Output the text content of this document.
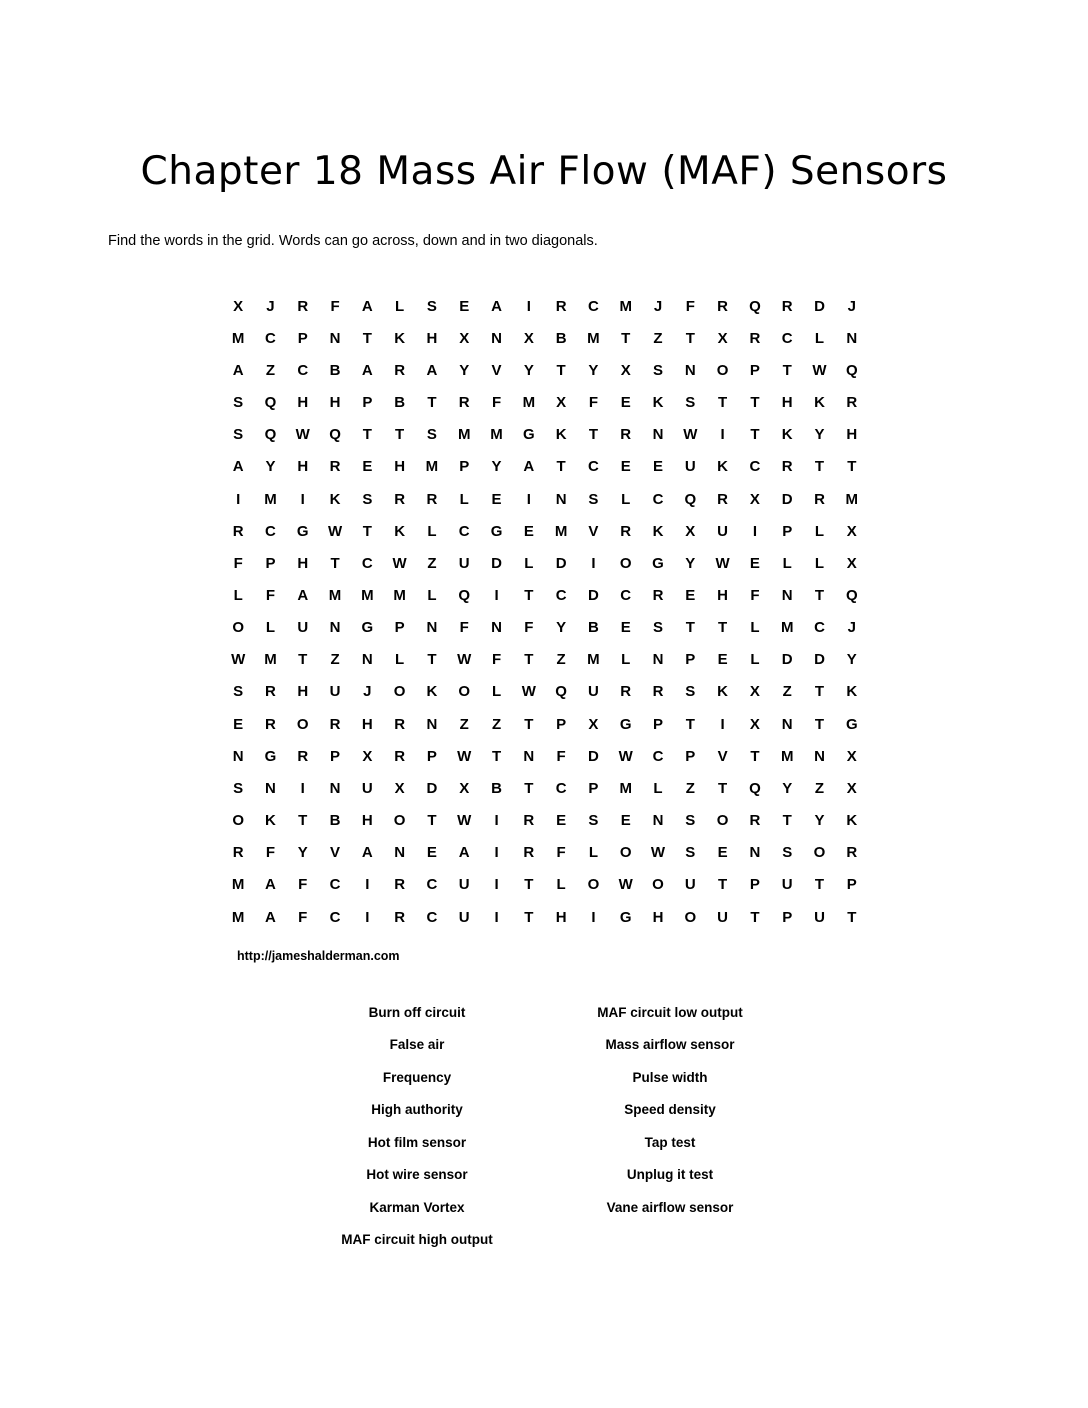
Chapter 18 Mass Air Flow (MAF) Sensors

Find the words in the grid. Words can go across, down and in two diagonals.

X	J	R	F	A	L	S	E	A	I	R	C	M	J	F	R	Q	R	D	J
M	C	P	N	T	K	H	X	N	X	B	M	T	Z	T	X	R	C	L	N
A	Z	C	B	A	R	A	Y	V	Y	T	Y	X	S	N	O	P	T	W	Q
S	Q	H	H	P	B	T	R	F	M	X	F	E	K	S	T	T	H	K	R
S	Q	W	Q	T	T	S	M	M	G	K	T	R	N	W	I	T	K	Y	H
A	Y	H	R	E	H	M	P	Y	A	T	C	E	E	U	K	C	R	T	T
I	M	I	K	S	R	R	L	E	I	N	S	L	C	Q	R	X	D	R	M
R	C	G	W	T	K	L	C	G	E	M	V	R	K	X	U	I	P	L	X
F	P	H	T	C	W	Z	U	D	L	D	I	O	G	Y	W	E	L	L	X
L	F	A	M	M	M	L	Q	I	T	C	D	C	R	E	H	F	N	T	Q
O	L	U	N	G	P	N	F	N	F	Y	B	E	S	T	T	L	M	C	J
W	M	T	Z	N	L	T	W	F	T	Z	M	L	N	P	E	L	D	D	Y
S	R	H	U	J	O	K	O	L	W	Q	U	R	R	S	K	X	Z	T	K
E	R	O	R	H	R	N	Z	Z	T	P	X	G	P	T	I	X	N	T	G
N	G	R	P	X	R	P	W	T	N	F	D	W	C	P	V	T	M	N	X
S	N	I	N	U	X	D	X	B	T	C	P	M	L	Z	T	Q	Y	Z	X
O	K	T	B	H	O	T	W	I	R	E	S	E	N	S	O	R	T	Y	K
R	F	Y	V	A	N	E	A	I	R	F	L	O	W	S	E	N	S	O	R
M	A	F	C	I	R	C	U	I	T	L	O	W	O	U	T	P	U	T	P
M	A	F	C	I	R	C	U	I	T	H	I	G	H	O	U	T	P	U	T
http://jameshalderman.com
Burn off circuit
False air
Frequency
High authority
Hot film sensor
Hot wire sensor
Karman Vortex
MAF circuit high output
MAF circuit low output
Mass airflow sensor
Pulse width
Speed density
Tap test
Unplug it test
Vane airflow sensor
